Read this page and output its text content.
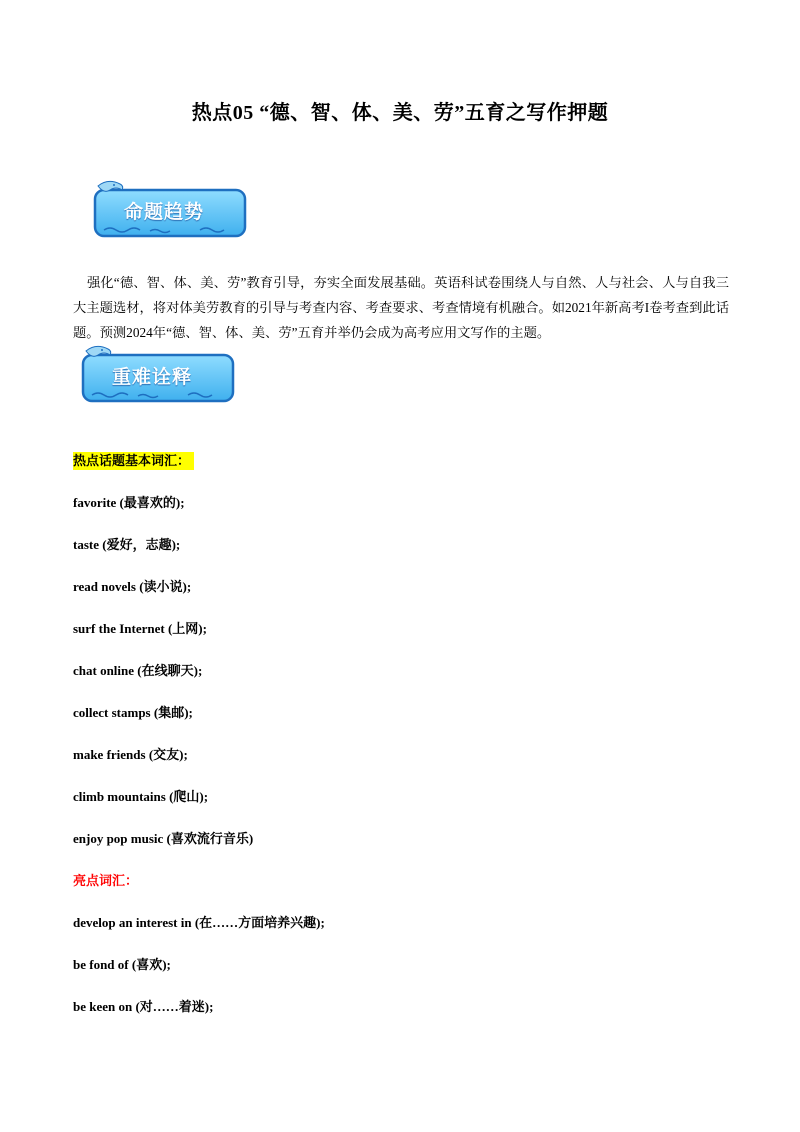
热点05 “德、智、体、美、劳”五育之写作押题
命题趋势
强化“德、智、体、美、劳”教育引导，夯实全面发展基础。英语科试卷围绕人与自然、人与社会、人与自我三大主题选材，将对体美劳教育的引导与考查内容、考查要求、考查情境有机融合。如2021年新高考I卷考查到此话题。预测2024年“德、智、体、美、劳”五育并举仍会成为高考应用文写作的主题。
重难诠释
热点话题基本词汇：
favorite (最喜欢的);
taste (爱好，志趣);
read novels (读小说);
surf the Internet (上网);
chat online (在线聊天);
collect stamps (集邮);
make friends (交友);
climb mountains (爬山);
enjoy pop music (喜欢流行音乐)
亮点词汇：
develop an interest in (在……方面培养兴趣);
be fond of (喜欢);
be keen on (对……着迷);
